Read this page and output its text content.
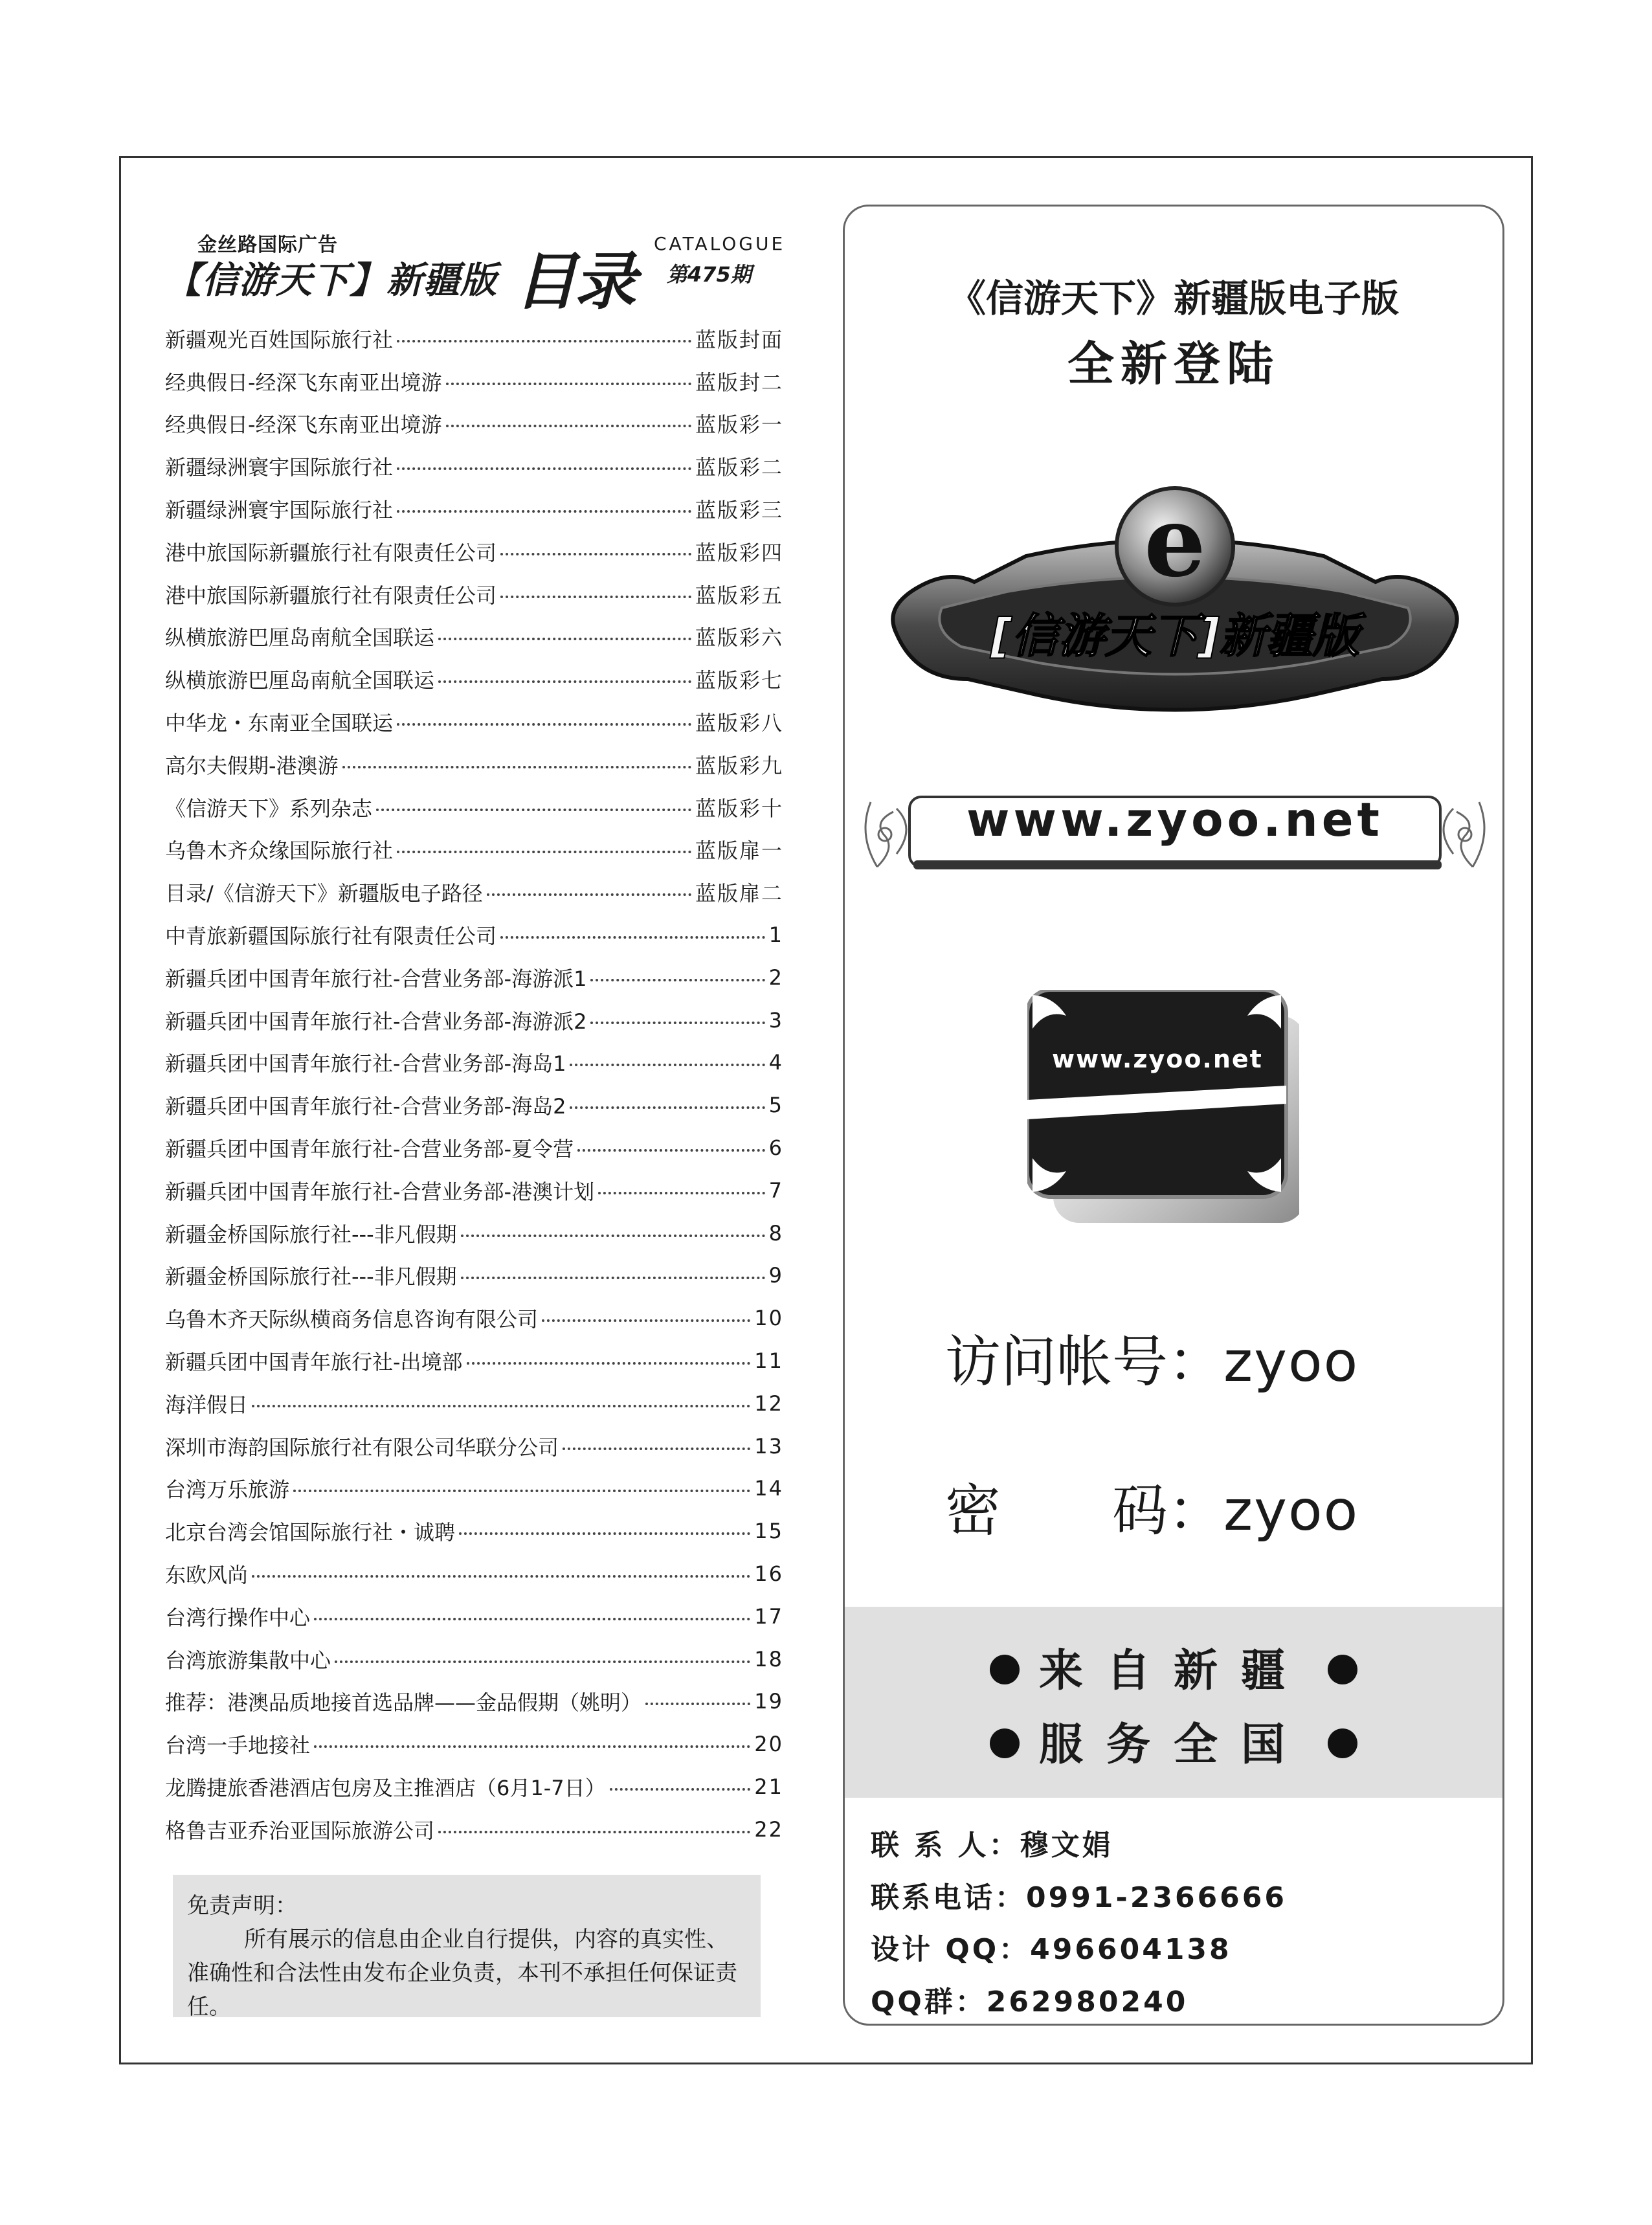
金丝路国际广告
【信游天下】新疆版 目录
CATALOGUE
第475期
新疆观光百姓国际旅行社	蓝版封面
经典假日-经深飞东南亚出境游	蓝版封二
经典假日-经深飞东南亚出境游	蓝版彩一
新疆绿洲寰宇国际旅行社	蓝版彩二
新疆绿洲寰宇国际旅行社	蓝版彩三
港中旅国际新疆旅行社有限责任公司	蓝版彩四
港中旅国际新疆旅行社有限责任公司	蓝版彩五
纵横旅游巴厘岛南航全国联运	蓝版彩六
纵横旅游巴厘岛南航全国联运	蓝版彩七
中华龙・东南亚全国联运	蓝版彩八
高尔夫假期-港澳游	蓝版彩九
《信游天下》系列杂志	蓝版彩十
乌鲁木齐众缘国际旅行社	蓝版扉一
目录/《信游天下》新疆版电子路径	蓝版扉二
中青旅新疆国际旅行社有限责任公司	1
新疆兵团中国青年旅行社-合营业务部-海游派1	2
新疆兵团中国青年旅行社-合营业务部-海游派2	3
新疆兵团中国青年旅行社-合营业务部-海岛1	4
新疆兵团中国青年旅行社-合营业务部-海岛2	5
新疆兵团中国青年旅行社-合营业务部-夏令营	6
新疆兵团中国青年旅行社-合营业务部-港澳计划	7
新疆金桥国际旅行社---非凡假期	8
新疆金桥国际旅行社---非凡假期	9
乌鲁木齐天际纵横商务信息咨询有限公司	10
新疆兵团中国青年旅行社-出境部	11
海洋假日	12
深圳市海韵国际旅行社有限公司华联分公司	13
台湾万乐旅游	14
北京台湾会馆国际旅行社・诚聘	15
东欧风尚	16
台湾行操作中心	17
台湾旅游集散中心	18
推荐：港澳品质地接首选品牌——金品假期（姚明）	19
台湾一手地接社	20
龙腾捷旅香港酒店包房及主推酒店（6月1-7日）	21
格鲁吉亚乔治亚国际旅游公司	22
免责声明：
所有展示的信息由企业自行提供，内容的真实性、准确性和合法性由发布企业负责，本刊不承担任何保证责任。
《信游天下》新疆版电子版
全新登陆
e
[信游天下]新疆版
www.zyoo.net
www.zyoo.net
访问帐号：zyoo
密　　码：zyoo
来自新疆
服务全国
联 系 人：穆文娟
联系电话：0991-2366666
设计 QQ：496604138
QQ群：262980240
